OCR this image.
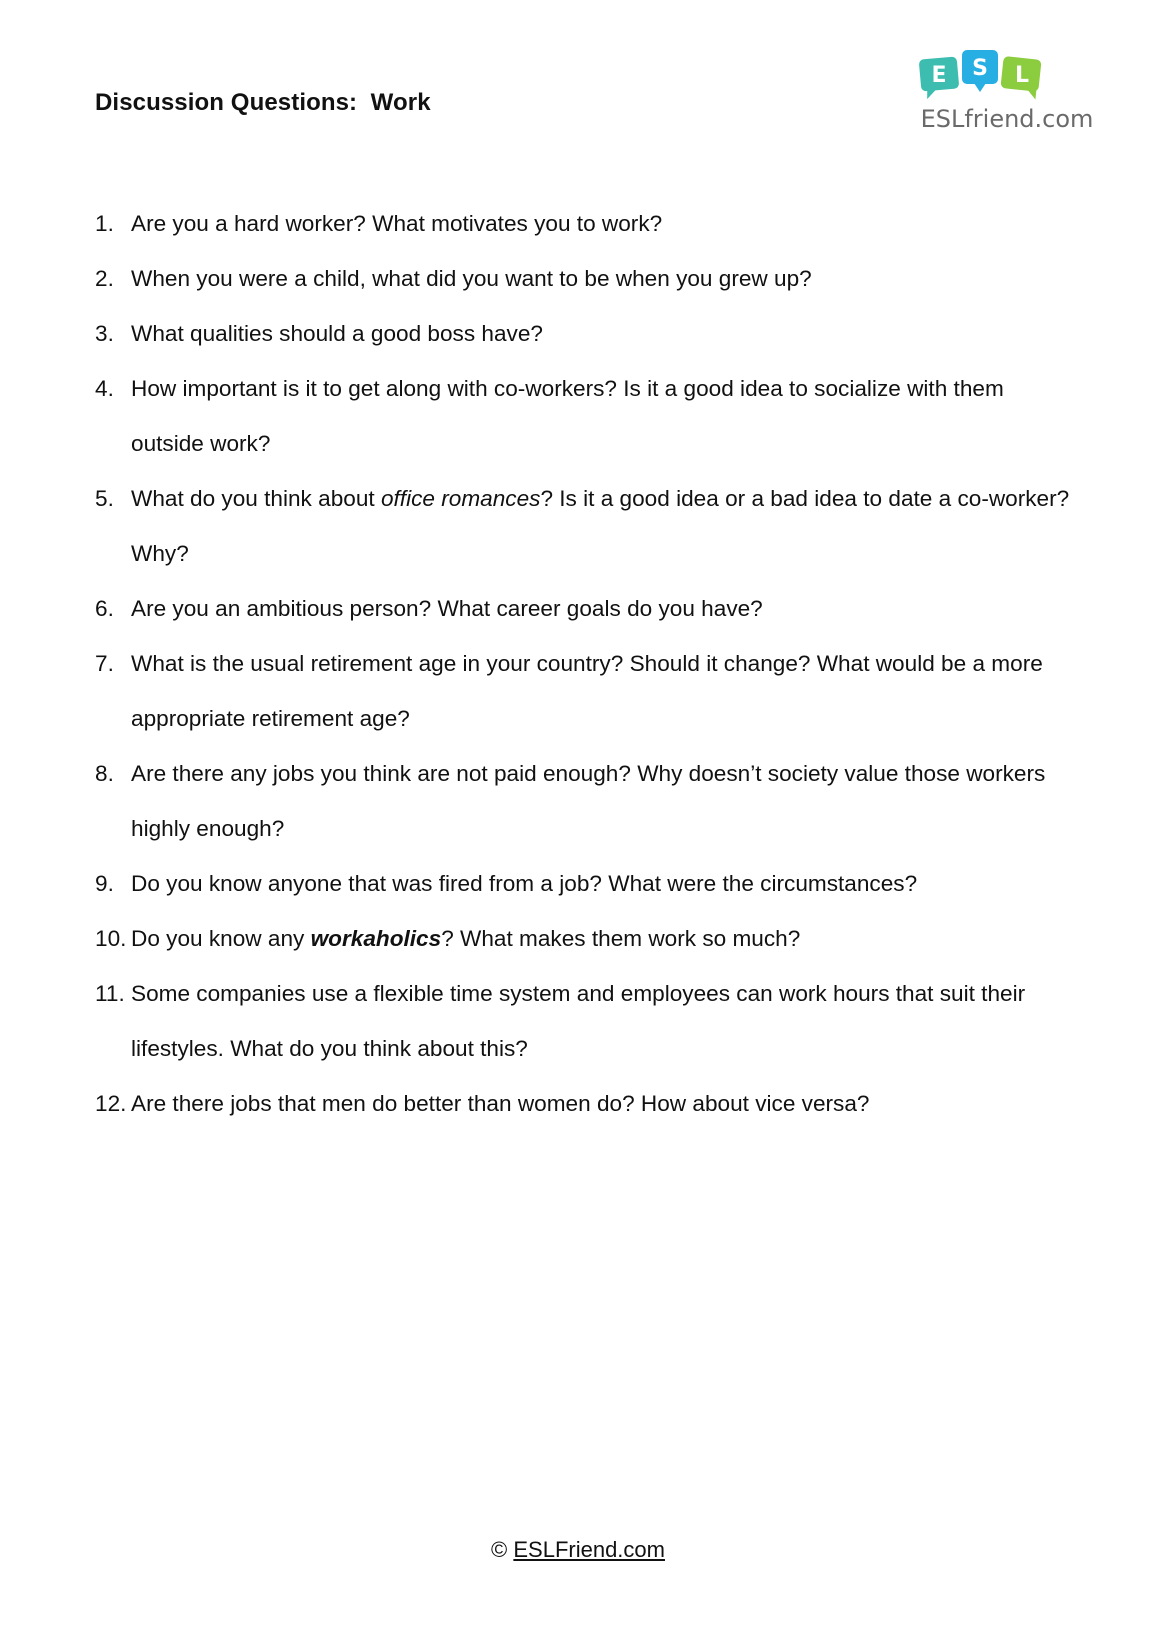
Discussion Questions:  Work
E S L
ESLfriend.com
1. Are you a hard worker? What motivates you to work?
2. When you were a child, what did you want to be when you grew up?
3. What qualities should a good boss have?
4. How important is it to get along with co-workers? Is it a good idea to socialize with them outside work?
5. What do you think about office romances? Is it a good idea or a bad idea to date a co-worker? Why?
6. Are you an ambitious person? What career goals do you have?
7. What is the usual retirement age in your country? Should it change? What would be a more appropriate retirement age?
8. Are there any jobs you think are not paid enough? Why doesn’t society value those workers highly enough?
9. Do you know anyone that was fired from a job? What were the circumstances?
10. Do you know any workaholics? What makes them work so much?
11. Some companies use a flexible time system and employees can work hours that suit their lifestyles. What do you think about this?
12. Are there jobs that men do better than women do? How about vice versa?
© ESLFriend.com
